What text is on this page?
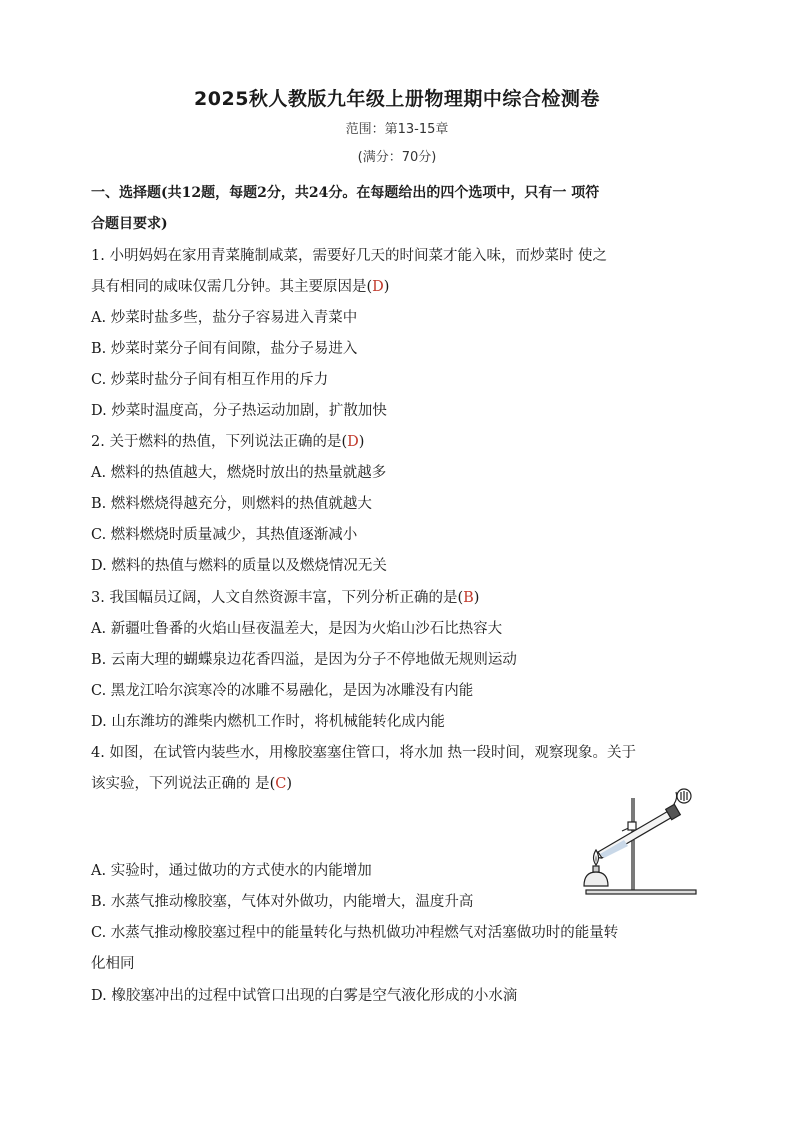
2025秋人教版九年级上册物理期中综合检测卷
范围：第13-15章
(满分：70分)
一、选择题(共12题，每题2分，共24分。在每题给出的四个选项中，只有一 项符
合题目要求)
1. 小明妈妈在家用青菜腌制咸菜，需要好几天的时间菜才能入味，而炒菜时 使之
具有相同的咸味仅需几分钟。其主要原因是(D)
A. 炒菜时盐多些，盐分子容易进入青菜中
B. 炒菜时菜分子间有间隙，盐分子易进入
C. 炒菜时盐分子间有相互作用的斥力
D. 炒菜时温度高，分子热运动加剧，扩散加快
2. 关于燃料的热值，下列说法正确的是(D)
A. 燃料的热值越大，燃烧时放出的热量就越多
B. 燃料燃烧得越充分，则燃料的热值就越大
C. 燃料燃烧时质量减少，其热值逐渐减小
D. 燃料的热值与燃料的质量以及燃烧情况无关
3. 我国幅员辽阔，人文自然资源丰富，下列分析正确的是(B)
A. 新疆吐鲁番的火焰山昼夜温差大，是因为火焰山沙石比热容大
B. 云南大理的蝴蝶泉边花香四溢，是因为分子不停地做无规则运动
C. 黑龙江哈尔滨寒冷的冰雕不易融化，是因为冰雕没有内能
D. 山东潍坊的潍柴内燃机工作时，将机械能转化成内能
4. 如图，在试管内装些水，用橡胶塞塞住管口，将水加 热一段时间，观察现象。关于
该实验，下列说法正确的 是(C)
A. 实验时，通过做功的方式使水的内能增加
B. 水蒸气推动橡胶塞，气体对外做功，内能增大，温度升高
C. 水蒸气推动橡胶塞过程中的能量转化与热机做功冲程燃气对活塞做功时的能量转
化相同
D. 橡胶塞冲出的过程中试管口出现的白雾是空气液化形成的小水滴
